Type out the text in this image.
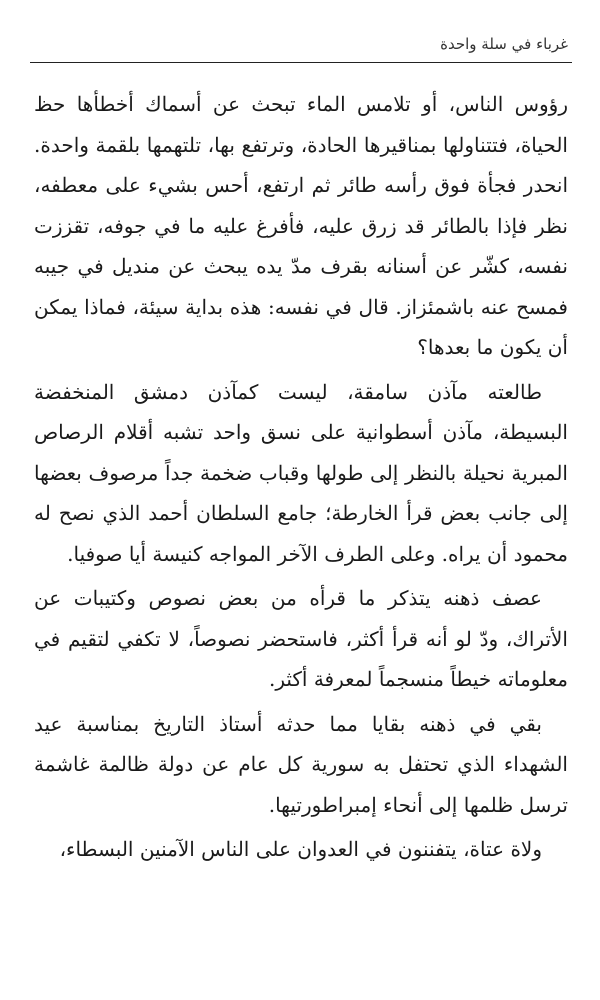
غرباء في سلة واحدة

رؤوس الناس، أو تلامس الماء تبحث عن أسماك أخطأها حظ الحياة، فتتناولها بمناقيرها الحادة، وترتفع بها، تلتهمها بلقمة واحدة. انحدر فجأة فوق رأسه طائر ثم ارتفع، أحس بشيء على معطفه، نظر فإذا بالطائر قد زرق عليه، فأفرغ عليه ما في جوفه، تقززت نفسه، كشّر عن أسنانه بقرف مدّ يده يبحث عن منديل في جيبه فمسح عنه باشمئزاز. قال في نفسه: هذه بداية سيئة، فماذا يمكن أن يكون ما بعدها؟

طالعته مآذن سامقة، ليست كمآذن دمشق المنخفضة البسيطة، مآذن أسطوانية على نسق واحد تشبه أقلام الرصاص المبرية نحيلة بالنظر إلى طولها وقباب ضخمة جداً مرصوف بعضها إلى جانب بعض قرأ الخارطة؛ جامع السلطان أحمد الذي نصح له محمود أن يراه. وعلى الطرف الآخر المواجه كنيسة أيا صوفيا.

عصف ذهنه يتذكر ما قرأه من بعض نصوص وكتيبات عن الأتراك، ودّ لو أنه قرأ أكثر، فاستحضر نصوصاً، لا تكفي لتقيم في معلوماته خيطاً منسجماً لمعرفة أكثر.

بقي في ذهنه بقايا مما حدثه أستاذ التاريخ بمناسبة عيد الشهداء الذي تحتفل به سورية كل عام عن دولة ظالمة غاشمة ترسل ظلمها إلى أنحاء إمبراطورتيها.

ولاة عتاة، يتفننون في العدوان على الناس الآمنين البسطاء،
